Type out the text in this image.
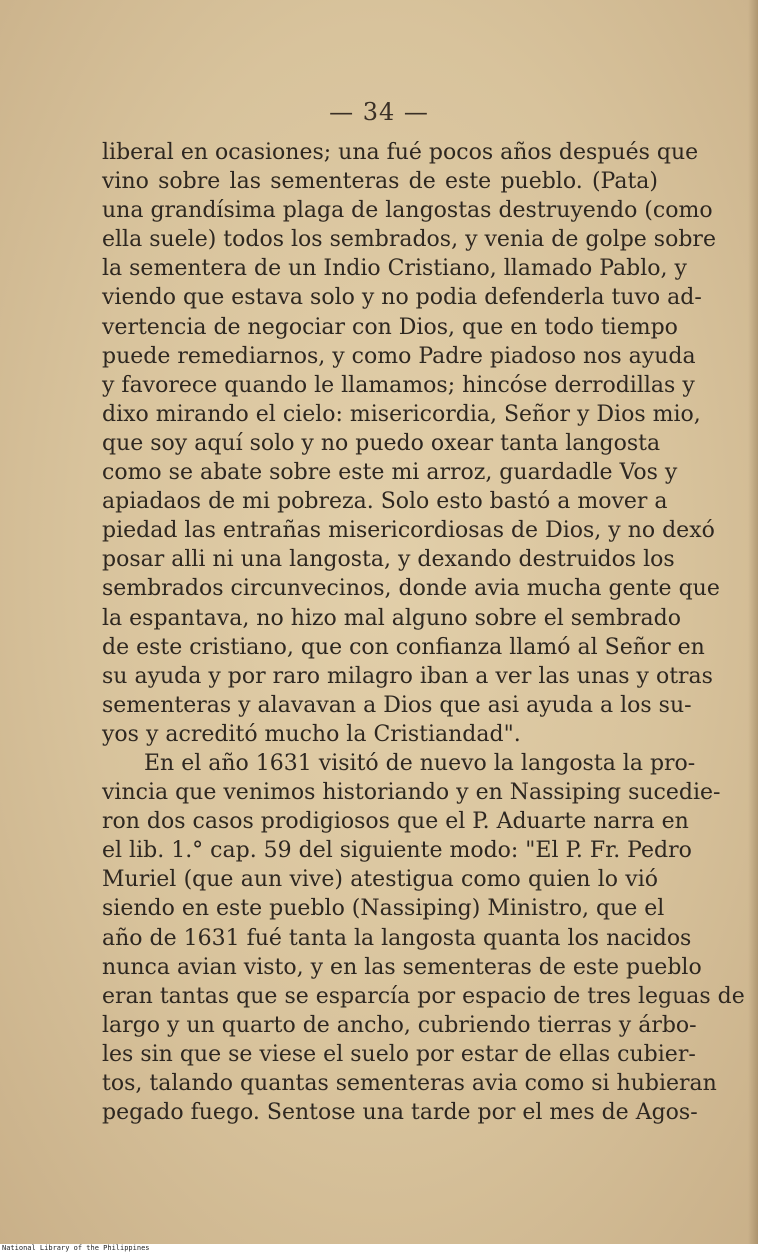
— 34 —
liberal en ocasiones; una fué pocos años después que
vino sobre las sementeras de este pueblo. (Pata)
una grandísima plaga de langostas destruyendo (como
ella suele) todos los sembrados, y venia de golpe sobre
la sementera de un Indio Cristiano, llamado Pablo, y
viendo que estava solo y no podia defenderla tuvo ad-
vertencia de negociar con Dios, que en todo tiempo
puede remediarnos, y como Padre piadoso nos ayuda
y favorece quando le llamamos; hincóse derrodillas y
dixo mirando el cielo: misericordia, Señor y Dios mio,
que soy aquí solo y no puedo oxear tanta langosta
como se abate sobre este mi arroz, guardadle Vos y
apiadaos de mi pobreza. Solo esto bastó a mover a
piedad las entrañas misericordiosas de Dios, y no dexó
posar alli ni una langosta, y dexando destruidos los
sembrados circunvecinos, donde avia mucha gente que
la espantava, no hizo mal alguno sobre el sembrado
de este cristiano, que con confianza llamó al Señor en
su ayuda y por raro milagro iban a ver las unas y otras
sementeras y alavavan a Dios que asi ayuda a los su-
yos y acreditó mucho la Cristiandad".
En el año 1631 visitó de nuevo la langosta la pro-
vincia que venimos historiando y en Nassiping sucedie-
ron dos casos prodigiosos que el P. Aduarte narra en
el lib. 1.° cap. 59 del siguiente modo: "El P. Fr. Pedro
Muriel (que aun vive) atestigua como quien lo vió
siendo en este pueblo (Nassiping) Ministro, que el
año de 1631 fué tanta la langosta quanta los nacidos
nunca avian visto, y en las sementeras de este pueblo
eran tantas que se esparcía por espacio de tres leguas de
largo y un quarto de ancho, cubriendo tierras y árbo-
les sin que se viese el suelo por estar de ellas cubier-
tos, talando quantas sementeras avia como si hubieran
pegado fuego. Sentose una tarde por el mes de Agos-
National Library of the Philippines
